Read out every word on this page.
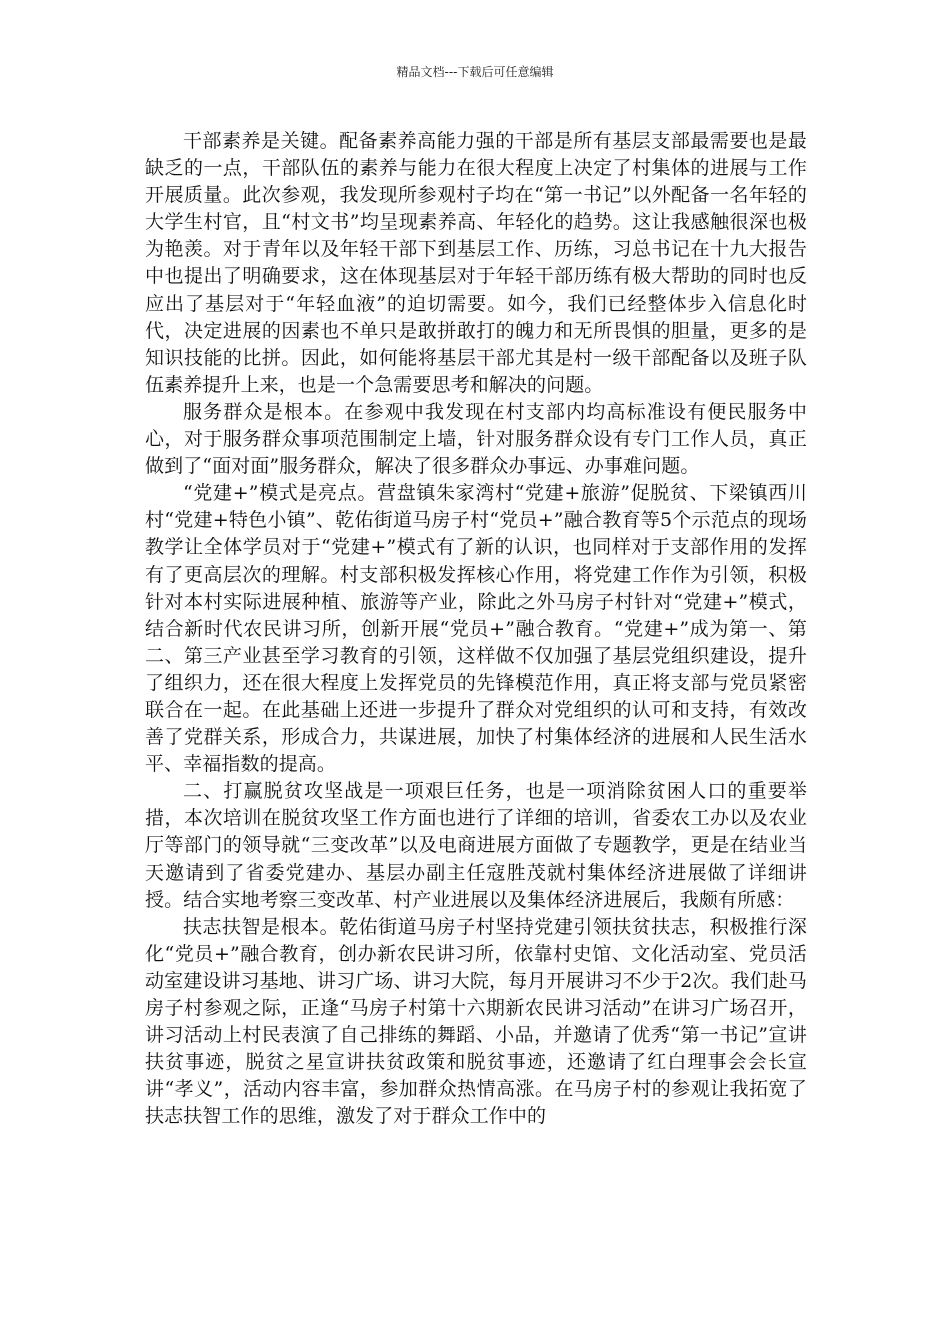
精品文档---下载后可任意编辑

干部素养是关键。配备素养高能力强的干部是所有基层支部最需要也是最缺乏的一点，干部队伍的素养与能力在很大程度上决定了村集体的进展与工作开展质量。此次参观，我发现所参观村子均在“第一书记”以外配备一名年轻的大学生村官，且“村文书”均呈现素养高、年轻化的趋势。这让我感触很深也极为艳羡。对于青年以及年轻干部下到基层工作、历练，习总书记在十九大报告中也提出了明确要求，这在体现基层对于年轻干部历练有极大帮助的同时也反应出了基层对于“年轻血液”的迫切需要。如今，我们已经整体步入信息化时代，决定进展的因素也不单只是敢拼敢打的魄力和无所畏惧的胆量，更多的是知识技能的比拼。因此，如何能将基层干部尤其是村一级干部配备以及班子队伍素养提升上来，也是一个急需要思考和解决的问题。

服务群众是根本。在参观中我发现在村支部内均高标准设有便民服务中心，对于服务群众事项范围制定上墙，针对服务群众设有专门工作人员，真正做到了“面对面”服务群众，解决了很多群众办事远、办事难问题。

“党建+”模式是亮点。营盘镇朱家湾村“党建+旅游”促脱贫、下梁镇西川村“党建+特色小镇”、乾佑街道马房子村“党员+”融合教育等5个示范点的现场教学让全体学员对于“党建+”模式有了新的认识，也同样对于支部作用的发挥有了更高层次的理解。村支部积极发挥核心作用，将党建工作作为引领，积极针对本村实际进展种植、旅游等产业，除此之外马房子村针对“党建+”模式，结合新时代农民讲习所，创新开展“党员+”融合教育。“党建+”成为第一、第二、第三产业甚至学习教育的引领，这样做不仅加强了基层党组织建设，提升了组织力，还在很大程度上发挥党员的先锋模范作用，真正将支部与党员紧密联合在一起。在此基础上还进一步提升了群众对党组织的认可和支持，有效改善了党群关系，形成合力，共谋进展，加快了村集体经济的进展和人民生活水平、幸福指数的提高。

二、打赢脱贫攻坚战是一项艰巨任务，也是一项消除贫困人口的重要举措，本次培训在脱贫攻坚工作方面也进行了详细的培训，省委农工办以及农业厅等部门的领导就“三变改革”以及电商进展方面做了专题教学，更是在结业当天邀请到了省委党建办、基层办副主任寇胜茂就村集体经济进展做了详细讲授。结合实地考察三变改革、村产业进展以及集体经济进展后，我颇有所感：

扶志扶智是根本。乾佑街道马房子村坚持党建引领扶贫扶志，积极推行深化“党员+”融合教育，创办新农民讲习所，依靠村史馆、文化活动室、党员活动室建设讲习基地、讲习广场、讲习大院，每月开展讲习不少于2次。我们赴马房子村参观之际，正逢“马房子村第十六期新农民讲习活动”在讲习广场召开，讲习活动上村民表演了自己排练的舞蹈、小品，并邀请了优秀“第一书记”宣讲扶贫事迹，脱贫之星宣讲扶贫政策和脱贫事迹，还邀请了红白理事会会长宣讲“孝义”，活动内容丰富，参加群众热情高涨。在马房子村的参观让我拓宽了扶志扶智工作的思维，激发了对于群众工作中的
